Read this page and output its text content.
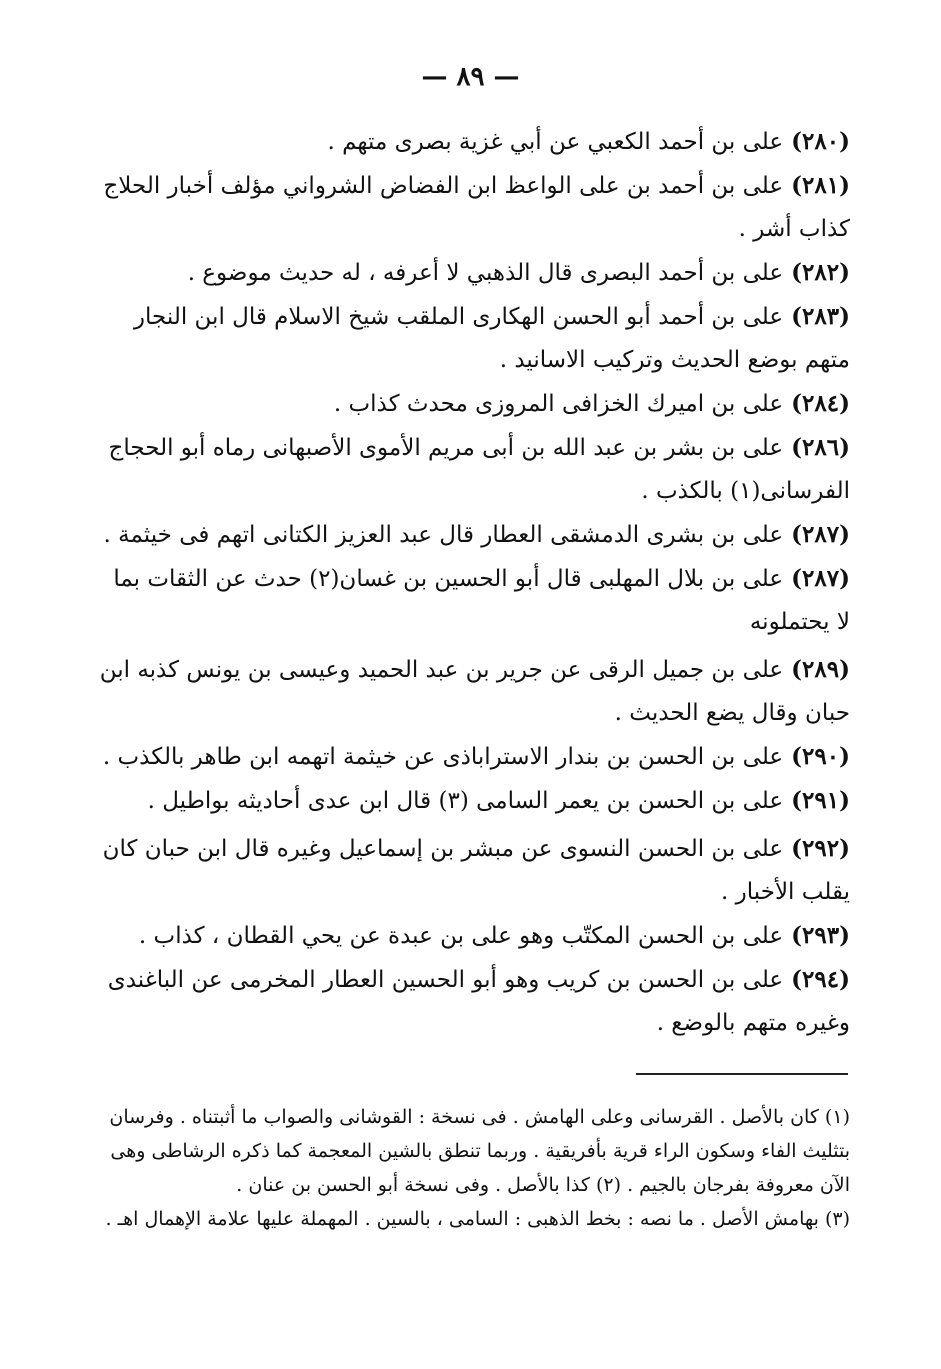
— ٨٩ —
(٢٨٠)على بن أحمد الكعبي عن أبي غزية بصرى متهم .
(٢٨١)على بن أحمد بن على الواعظ ابن الفضاض الشرواني مؤلف أخبار الحلاج كذاب أشر .
(٢٨٢)على بن أحمد البصرى قال الذهبي لا أعرفه ، له حديث موضوع .
(٢٨٣)على بن أحمد أبو الحسن الهكارى الملقب شيخ الاسلام قال ابن النجار متهم بوضع الحديث وتركيب الاسانيد .
(٢٨٤)على بن اميرك الخزافى المروزى محدث كذاب .
(٢٨٦)على بن بشر بن عبد الله بن أبى مريم الأموى الأصبهانى رماه أبو الحجاج الفرسانى(١) بالكذب .
(٢٨٧)على بن بشرى الدمشقى العطار قال عبد العزيز الكتانى اتهم فى خيثمة .
(٢٨٧)على بن بلال المهلبى قال أبو الحسين بن غسان(٢) حدث عن الثقات بما لا يحتملونه
(٢٨٩)على بن جميل الرقى عن جرير بن عبد الحميد وعيسى بن يونس كذبه ابن حبان وقال يضع الحديث .
(٢٩٠)على بن الحسن بن بندار الاستراباذى عن خيثمة اتهمه ابن طاهر بالكذب .
(٢٩١)على بن الحسن بن يعمر السامى (٣) قال ابن عدى أحاديثه بواطيل .
(٢٩٢)على بن الحسن النسوى عن مبشر بن إسماعيل وغيره قال ابن حبان كان يقلب الأخبار .
(٢٩٣)على بن الحسن المكتّب وهو على بن عبدة عن يحي القطان ، كذاب .
(٢٩٤)على بن الحسن بن كريب وهو أبو الحسين العطار المخرمى عن الباغندى وغيره متهم بالوضع .
(١) كان بالأصل . القرسانى وعلى الهامش . فى نسخة : القوشانى والصواب ما أثبتناه . وفرسان بتثليث الفاء وسكون الراء قرية بأفريقية . وربما تنطق بالشين المعجمة كما ذكره الرشاطى وهى الآن معروفة بفرجان بالجيم . (٢) كذا بالأصل . وفى نسخة أبو الحسن بن عنان .
(٣) بهامش الأصل . ما نصه : بخط الذهبى : السامى ، بالسين . المهملة عليها علامة الإهمال اهـ .
